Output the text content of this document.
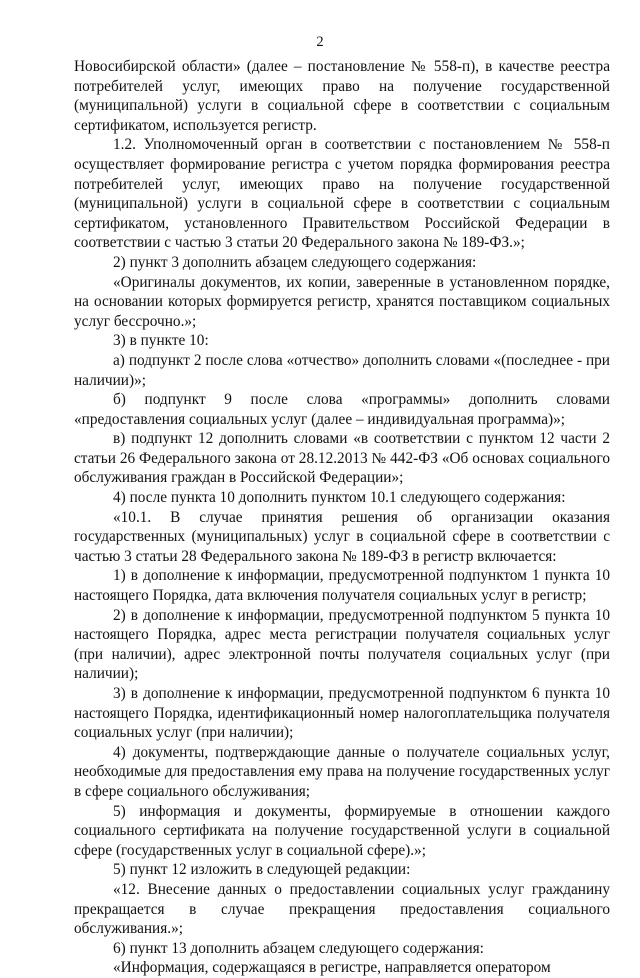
2

Новосибирской области» (далее – постановление № 558-п), в качестве реестра потребителей услуг, имеющих право на получение государственной (муниципальной) услуги в социальной сфере в соответствии с социальным сертификатом, используется регистр.

1.2. Уполномоченный орган в соответствии с постановлением № 558-п осуществляет формирование регистра с учетом порядка формирования реестра потребителей услуг, имеющих право на получение государственной (муниципальной) услуги в социальной сфере в соответствии с социальным сертификатом, установленного Правительством Российской Федерации в соответствии с частью 3 статьи 20 Федерального закона № 189-ФЗ.»;

2) пункт 3 дополнить абзацем следующего содержания:

«Оригиналы документов, их копии, заверенные в установленном порядке, на основании которых формируется регистр, хранятся поставщиком социальных услуг бессрочно.»;

3) в пункте 10:

а) подпункт 2 после слова «отчество» дополнить словами «(последнее - при наличии)»;

б) подпункт 9 после слова «программы» дополнить словами «предоставления социальных услуг (далее – индивидуальная программа)»;

в) подпункт 12 дополнить словами «в соответствии с пунктом 12 части 2 статьи 26 Федерального закона от 28.12.2013 № 442-ФЗ «Об основах социального обслуживания граждан в Российской Федерации»;

4) после пункта 10 дополнить пунктом 10.1 следующего содержания:

«10.1. В случае принятия решения об организации оказания государственных (муниципальных) услуг в социальной сфере в соответствии с частью 3 статьи 28 Федерального закона № 189-ФЗ в регистр включается:

1) в дополнение к информации, предусмотренной подпунктом 1 пункта 10 настоящего Порядка, дата включения получателя социальных услуг в регистр;

2) в дополнение к информации, предусмотренной подпунктом 5 пункта 10 настоящего Порядка, адрес места регистрации получателя социальных услуг (при наличии), адрес электронной почты получателя социальных услуг (при наличии);

3) в дополнение к информации, предусмотренной подпунктом 6 пункта 10 настоящего Порядка, идентификационный номер налогоплательщика получателя социальных услуг (при наличии);

4) документы, подтверждающие данные о получателе социальных услуг, необходимые для предоставления ему права на получение государственных услуг в сфере социального обслуживания;

5) информация и документы, формируемые в отношении каждого социального сертификата на получение государственной услуги в социальной сфере (государственных услуг в социальной сфере).»;

5) пункт 12 изложить в следующей редакции:

«12. Внесение данных о предоставлении социальных услуг гражданину прекращается в случае прекращения предоставления социального обслуживания.»;

6) пункт 13 дополнить абзацем следующего содержания:

«Информация, содержащаяся в регистре, направляется оператором
